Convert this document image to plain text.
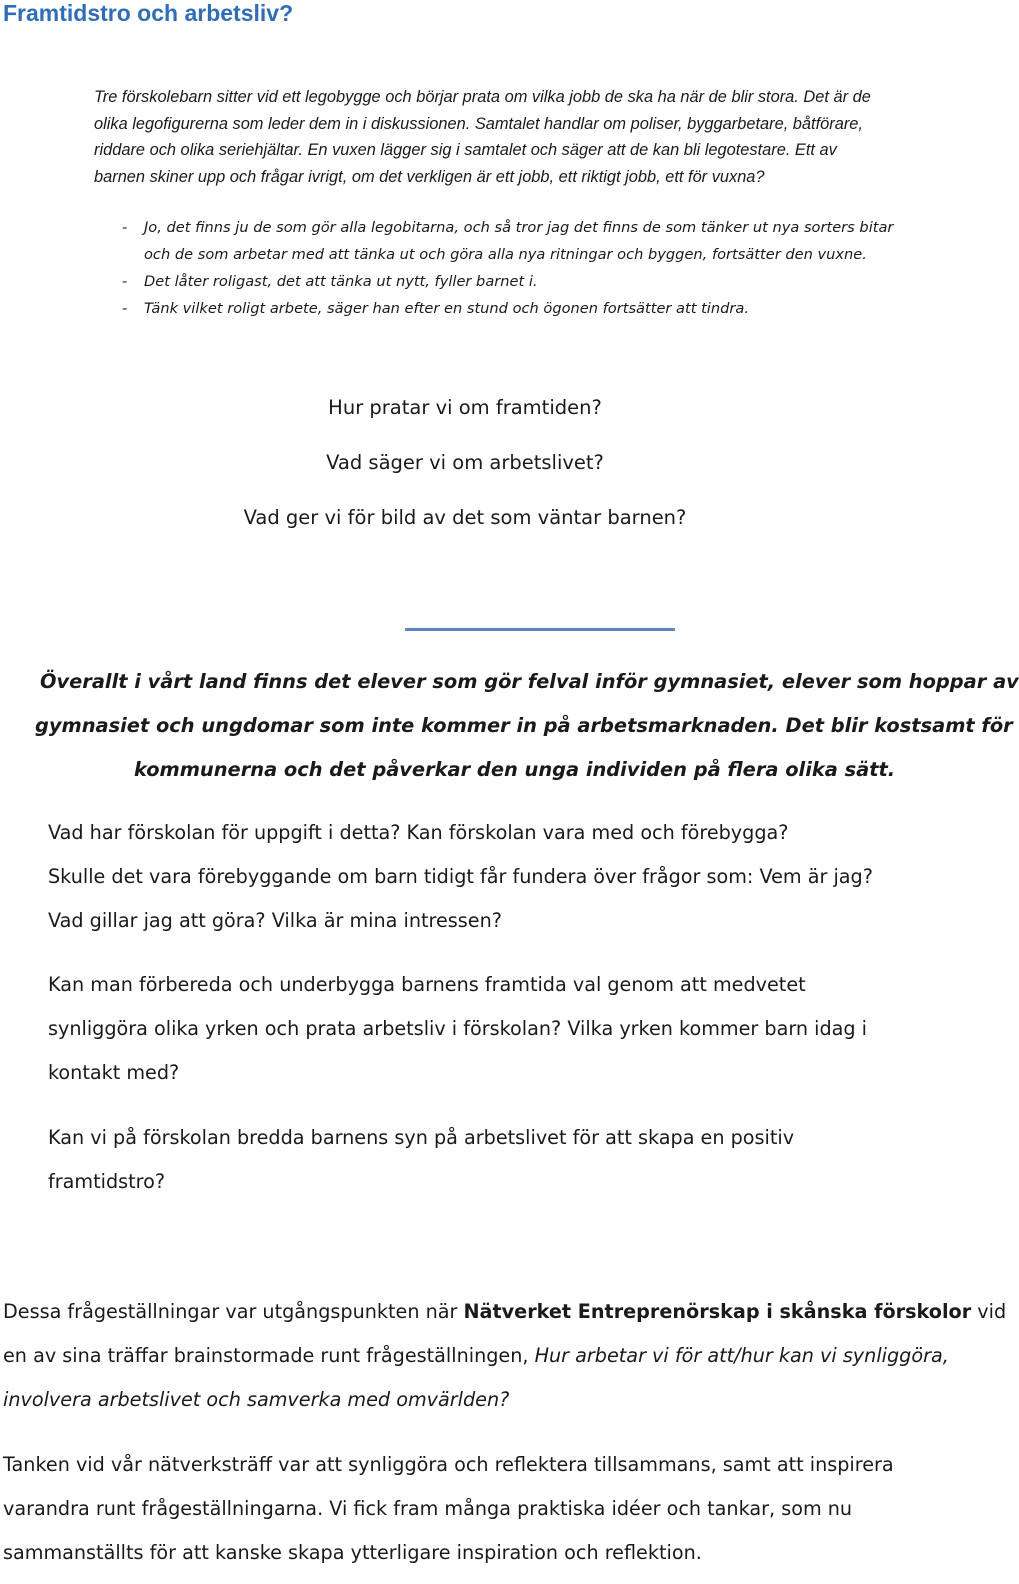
Framtidstro och arbetsliv?
Tre förskolebarn sitter vid ett legobygge och börjar prata om vilka jobb de ska ha när de blir stora. Det är de
olika legofigurerna som leder dem in i diskussionen. Samtalet handlar om poliser, byggarbetare, båtförare,
riddare och olika seriehjältar. En vuxen lägger sig i samtalet och säger att de kan bli legotestare. Ett av
barnen skiner upp och frågar ivrigt, om det verkligen är ett jobb, ett riktigt jobb, ett för vuxna?
- Jo, det finns ju de som gör alla legobitarna, och så tror jag det finns de som tänker ut nya sorters bitar
och de som arbetar med att tänka ut och göra alla nya ritningar och byggen, fortsätter den vuxne.
- Det låter roligast, det att tänka ut nytt, fyller barnet i.
- Tänk vilket roligt arbete, säger han efter en stund och ögonen fortsätter att tindra.
Hur pratar vi om framtiden?
Vad säger vi om arbetslivet?
Vad ger vi för bild av det som väntar barnen?
Överallt i vårt land finns det elever som gör felval inför gymnasiet, elever som hoppar av
gymnasiet och ungdomar som inte kommer in på arbetsmarknaden. Det blir kostsamt för
kommunerna och det påverkar den unga individen på flera olika sätt.
Vad har förskolan för uppgift i detta? Kan förskolan vara med och förebygga?
Skulle det vara förebyggande om barn tidigt får fundera över frågor som: Vem är jag?
Vad gillar jag att göra? Vilka är mina intressen?
Kan man förbereda och underbygga barnens framtida val genom att medvetet
synliggöra olika yrken och prata arbetsliv i förskolan? Vilka yrken kommer barn idag i
kontakt med?
Kan vi på förskolan bredda barnens syn på arbetslivet för att skapa en positiv
framtidstro?
Dessa frågeställningar var utgångspunkten när Nätverket Entreprenörskap i skånska förskolor vid
en av sina träffar brainstormade runt frågeställningen, Hur arbetar vi för att/hur kan vi synliggöra,
involvera arbetslivet och samverka med omvärlden?
Tanken vid vår nätverksträff var att synliggöra och reflektera tillsammans, samt att inspirera
varandra runt frågeställningarna. Vi fick fram många praktiska idéer och tankar, som nu
sammanställts för att kanske skapa ytterligare inspiration och reflektion.
